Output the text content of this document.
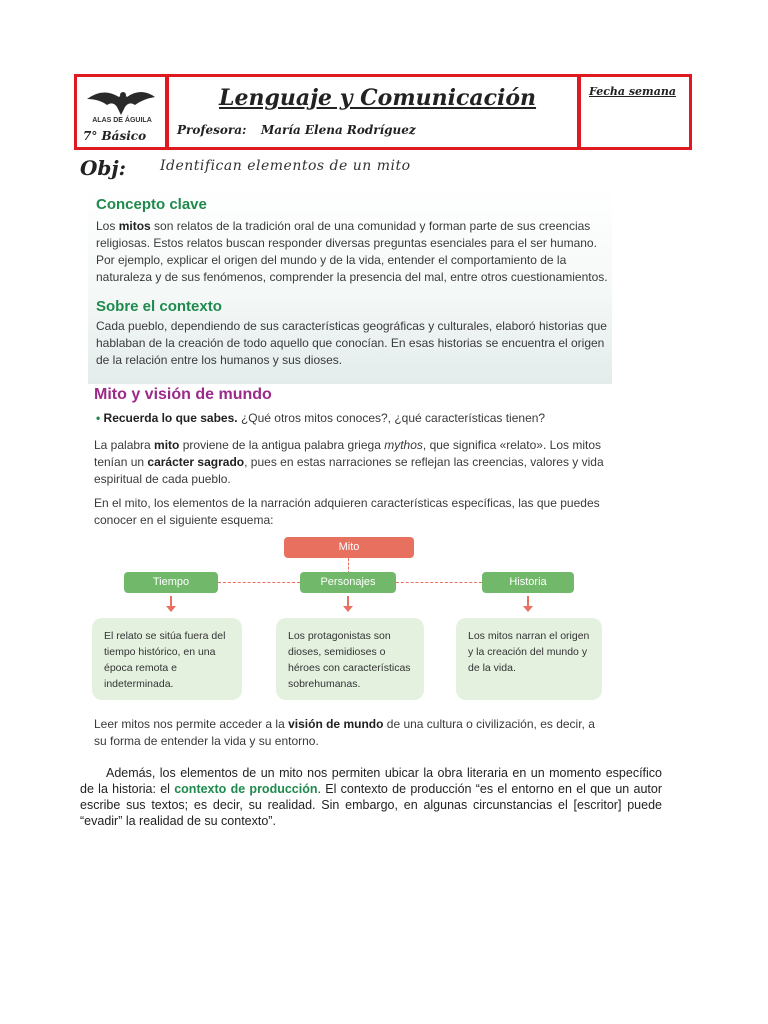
ALAS DE ÁGUILA
7° Básico
Lenguaje y Comunicación
Profesora: María Elena Rodríguez
Fecha semana
Obj: Identifican elementos de un mito
Concepto clave
Los mitos son relatos de la tradición oral de una comunidad y forman parte de sus creencias religiosas. Estos relatos buscan responder diversas preguntas esenciales para el ser humano. Por ejemplo, explicar el origen del mundo y de la vida, entender el comportamiento de la naturaleza y de sus fenómenos, comprender la presencia del mal, entre otros cuestionamientos.
Sobre el contexto
Cada pueblo, dependiendo de sus características geográficas y culturales, elaboró historias que hablaban de la creación de todo aquello que conocían. En esas historias se encuentra el origen de la relación entre los humanos y sus dioses.
Mito y visión de mundo
• Recuerda lo que sabes. ¿Qué otros mitos conoces?, ¿qué características tienen?
La palabra mito proviene de la antigua palabra griega mythos, que significa «relato». Los mitos tenían un carácter sagrado, pues en estas narraciones se reflejan las creencias, valores y vida espiritual de cada pueblo.
En el mito, los elementos de la narración adquieren características específicas, las que puedes conocer en el siguiente esquema:
Mito
Tiempo	Personajes	Historia
El relato se sitúa fuera del tiempo histórico, en una época remota e indeterminada.
Los protagonistas son dioses, semidioses o héroes con características sobrehumanas.
Los mitos narran el origen y la creación del mundo y de la vida.
Leer mitos nos permite acceder a la visión de mundo de una cultura o civilización, es decir, a su forma de entender la vida y su entorno.
Además, los elementos de un mito nos permiten ubicar la obra literaria en un momento específico de la historia: el contexto de producción. El contexto de producción “es el entorno en el que un autor escribe sus textos; es decir, su realidad. Sin embargo, en algunas circunstancias el [escritor] puede “evadir” la realidad de su contexto”.
